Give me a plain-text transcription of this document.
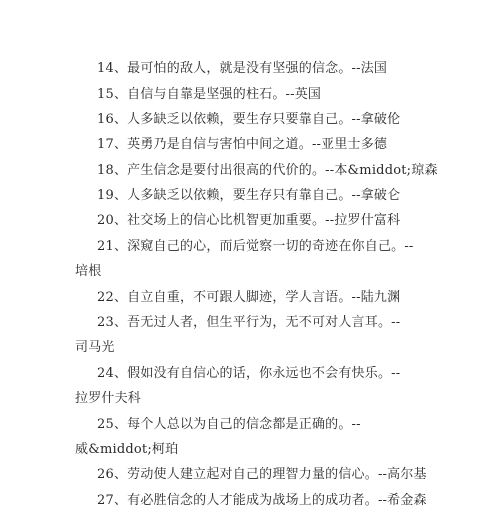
14、最可怕的敌人，就是没有坚强的信念。--法国
15、自信与自靠是坚强的柱石。--英国
16、人多缺乏以依赖，要生存只要靠自己。--拿破伦
17、英勇乃是自信与害怕中间之道。--亚里士多德
18、产生信念是要付出很高的代价的。--本&middot;琼森
19、人多缺乏以依赖，要生存只有靠自己。--拿破仑
20、社交场上的信心比机智更加重要。--拉罗什富科
21、深窥自己的心，而后觉察一切的奇迹在你自己。--
培根
22、自立自重，不可跟人脚迹，学人言语。--陆九渊
23、吾无过人者，但生平行为，无不可对人言耳。--
司马光
24、假如没有自信心的话，你永远也不会有快乐。--
拉罗什夫科
25、每个人总以为自己的信念都是正确的。--
威&middot;柯珀
26、劳动使人建立起对自己的理智力量的信心。--高尔基
27、有必胜信念的人才能成为战场上的成功者。--希金森
